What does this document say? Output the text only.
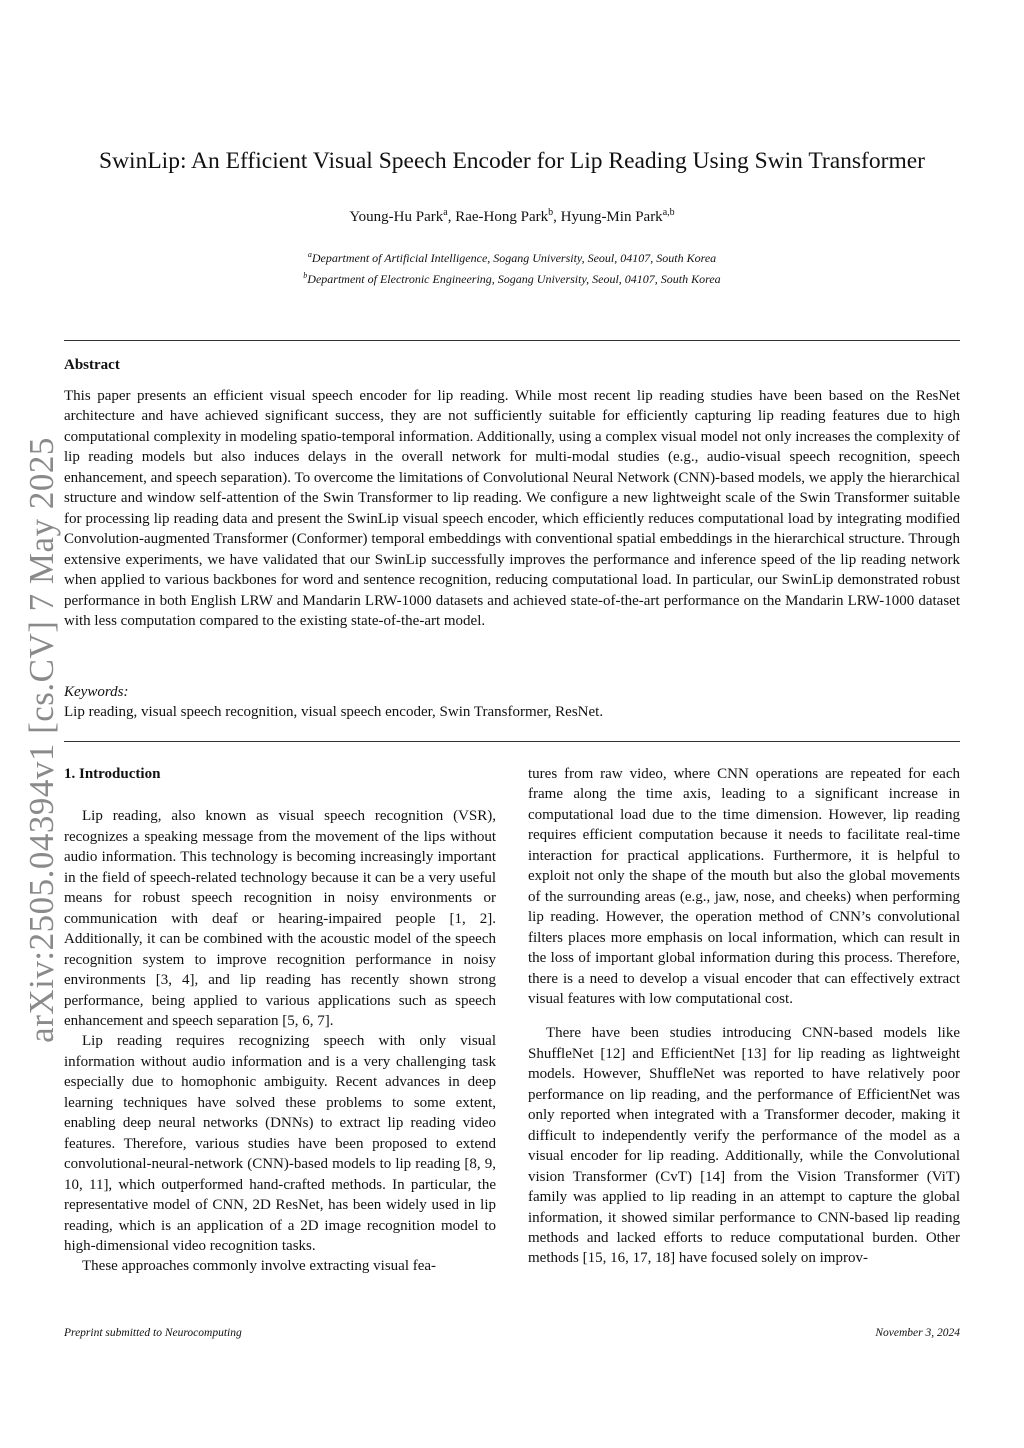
arXiv:2505.04394v1 [cs.CV] 7 May 2025
SwinLip: An Efficient Visual Speech Encoder for Lip Reading Using Swin Transformer
Young-Hu Park$^a$, Rae-Hong Park$^b$, Hyung-Min Park$^{a,b}$
$^a$Department of Artificial Intelligence, Sogang University, Seoul, 04107, South Korea
$^b$Department of Electronic Engineering, Sogang University, Seoul, 04107, South Korea
Abstract
This paper presents an efficient visual speech encoder for lip reading. While most recent lip reading studies have been based on the ResNet architecture and have achieved significant success, they are not sufficiently suitable for efficiently capturing lip reading features due to high computational complexity in modeling spatio-temporal information. Additionally, using a complex visual model not only increases the complexity of lip reading models but also induces delays in the overall network for multi-modal studies (e.g., audio-visual speech recognition, speech enhancement, and speech separation). To overcome the limitations of Convolutional Neural Network (CNN)-based models, we apply the hierarchical structure and window self-attention of the Swin Transformer to lip reading. We configure a new lightweight scale of the Swin Transformer suitable for processing lip reading data and present the SwinLip visual speech encoder, which efficiently reduces computational load by integrating modified Convolution-augmented Transformer (Conformer) temporal embeddings with conventional spatial embeddings in the hierarchical structure. Through extensive experiments, we have validated that our SwinLip successfully improves the performance and inference speed of the lip reading network when applied to various backbones for word and sentence recognition, reducing computational load. In particular, our SwinLip demonstrated robust performance in both English LRW and Mandarin LRW-1000 datasets and achieved state-of-the-art performance on the Mandarin LRW-1000 dataset with less computation compared to the existing state-of-the-art model.
Keywords:
Lip reading, visual speech recognition, visual speech encoder, Swin Transformer, ResNet.
1. Introduction

Lip reading, also known as visual speech recognition (VSR), recognizes a speaking message from the movement of the lips without audio information. This technology is becoming increasingly important in the field of speech-related technology because it can be a very useful means for robust speech recognition in noisy environments or communication with deaf or hearing-impaired people [1, 2]. Additionally, it can be combined with the acoustic model of the speech recognition system to improve recognition performance in noisy environments [3, 4], and lip reading has recently shown strong performance, being applied to various applications such as speech enhancement and speech separation [5, 6, 7].

Lip reading requires recognizing speech with only visual information without audio information and is a very challenging task especially due to homophonic ambiguity. Recent advances in deep learning techniques have solved these problems to some extent, enabling deep neural networks (DNNs) to extract lip reading video features. Therefore, various studies have been proposed to extend convolutional-neural-network (CNN)-based models to lip reading [8, 9, 10, 11], which outperformed hand-crafted methods. In particular, the representative model of CNN, 2D ResNet, has been widely used in lip reading, which is an application of a 2D image recognition model to high-dimensional video recognition tasks.

These approaches commonly involve extracting visual fea-

tures from raw video, where CNN operations are repeated for each frame along the time axis, leading to a significant increase in computational load due to the time dimension. However, lip reading requires efficient computation because it needs to facilitate real-time interaction for practical applications. Furthermore, it is helpful to exploit not only the shape of the mouth but also the global movements of the surrounding areas (e.g., jaw, nose, and cheeks) when performing lip reading. However, the operation method of CNN’s convolutional filters places more emphasis on local information, which can result in the loss of important global information during this process. Therefore, there is a need to develop a visual encoder that can effectively extract visual features with low computational cost.

There have been studies introducing CNN-based models like ShuffleNet [12] and EfficientNet [13] for lip reading as lightweight models. However, ShuffleNet was reported to have relatively poor performance on lip reading, and the performance of EfficientNet was only reported when integrated with a Transformer decoder, making it difficult to independently verify the performance of the model as a visual encoder for lip reading. Additionally, while the Convolutional vision Transformer (CvT) [14] from the Vision Transformer (ViT) family was applied to lip reading in an attempt to capture the global information, it showed similar performance to CNN-based lip reading methods and lacked efforts to reduce computational burden. Other methods [15, 16, 17, 18] have focused solely on improv-

Preprint submitted to Neurocomputing	November 3, 2024
